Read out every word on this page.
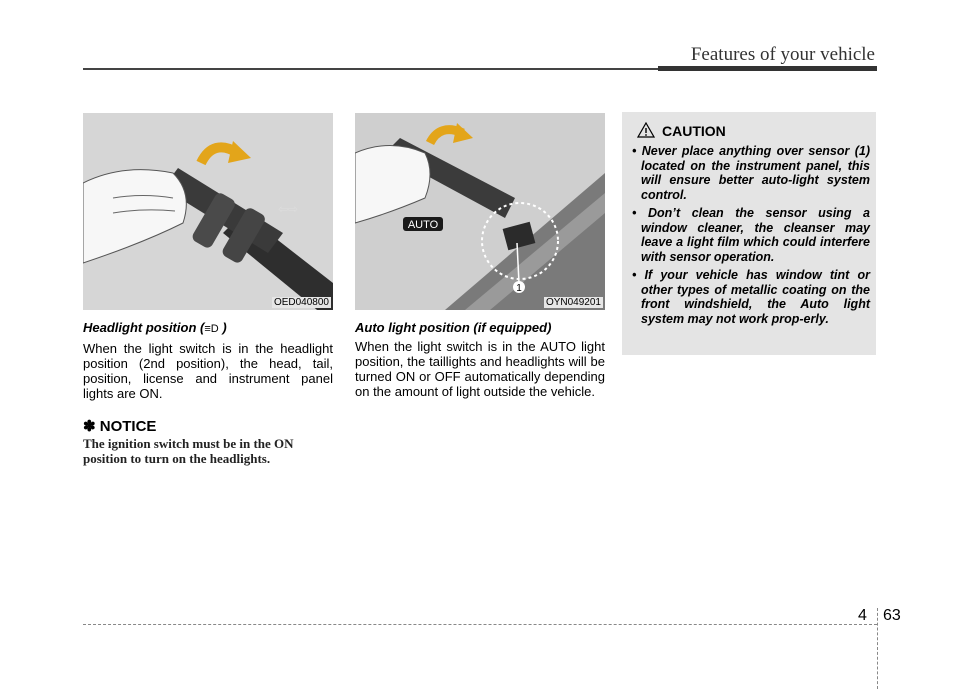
Features of your vehicle
⇦⇨
OED040800
1
AUTO
OYN049201
Headlight position (≡D )
When the light switch is in the headlight position (2nd position), the head, tail, position, license and instrument panel lights are ON.
✽ NOTICE
The ignition switch must be in the ON position to turn on the headlights.
Auto light position (if equipped)
When the light switch is in the AUTO light position, the taillights and headlights will be turned ON or OFF automatically depending on the amount of light outside the vehicle.
CAUTION
• Never place anything over sensor (1) located on the instrument panel, this will ensure better auto-light system control.
• Don’t clean the sensor using a window cleaner, the cleanser may leave a light film which could interfere with sensor operation.
• If your vehicle has window tint or other types of metallic coating on the front windshield, the Auto light system may not work prop-erly.
4 63
